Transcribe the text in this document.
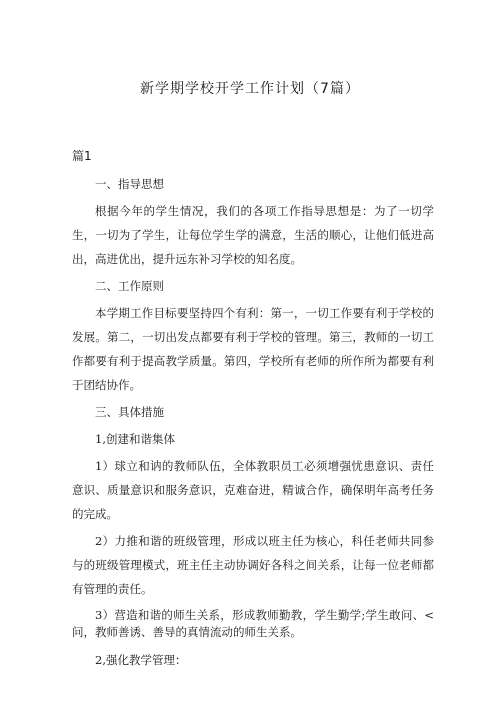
新学期学校开学工作计划（7篇）
篇1

一、指导思想

根据今年的学生情况，我们的各项工作指导思想是：为了一切学生，一切为了学生，让每位学生学的满意，生活的顺心，让他们低进高出，高进优出，提升远东补习学校的知名度。

二、工作原则

本学期工作目标要坚持四个有利：第一，一切工作要有利于学校的发展。第二，一切出发点都要有利于学校的管理。第三，教师的一切工作都要有利于提高教学质量。第四，学校所有老师的所作所为都要有利于团结协作。

三、具体措施

1,创建和谐集体

1）球立和讷的教师队伍，全体教职员工必须增强忧患意识、责任意识、质量意识和服务意识，克难奋进，精诚合作，确保明年高考任务的完成。

2）力推和谐的班级管理，形成以班主任为核心，科任老师共同参与的班级管理模式，班主任主动协调好各科之间关系，让每一位老师都有管理的责任。

3）营造和谐的师生关系，形成教师勤教，学生勤学;学生敢问、<问，教师善诱、善导的真情流动的师生关系。

2,强化教学管理：
